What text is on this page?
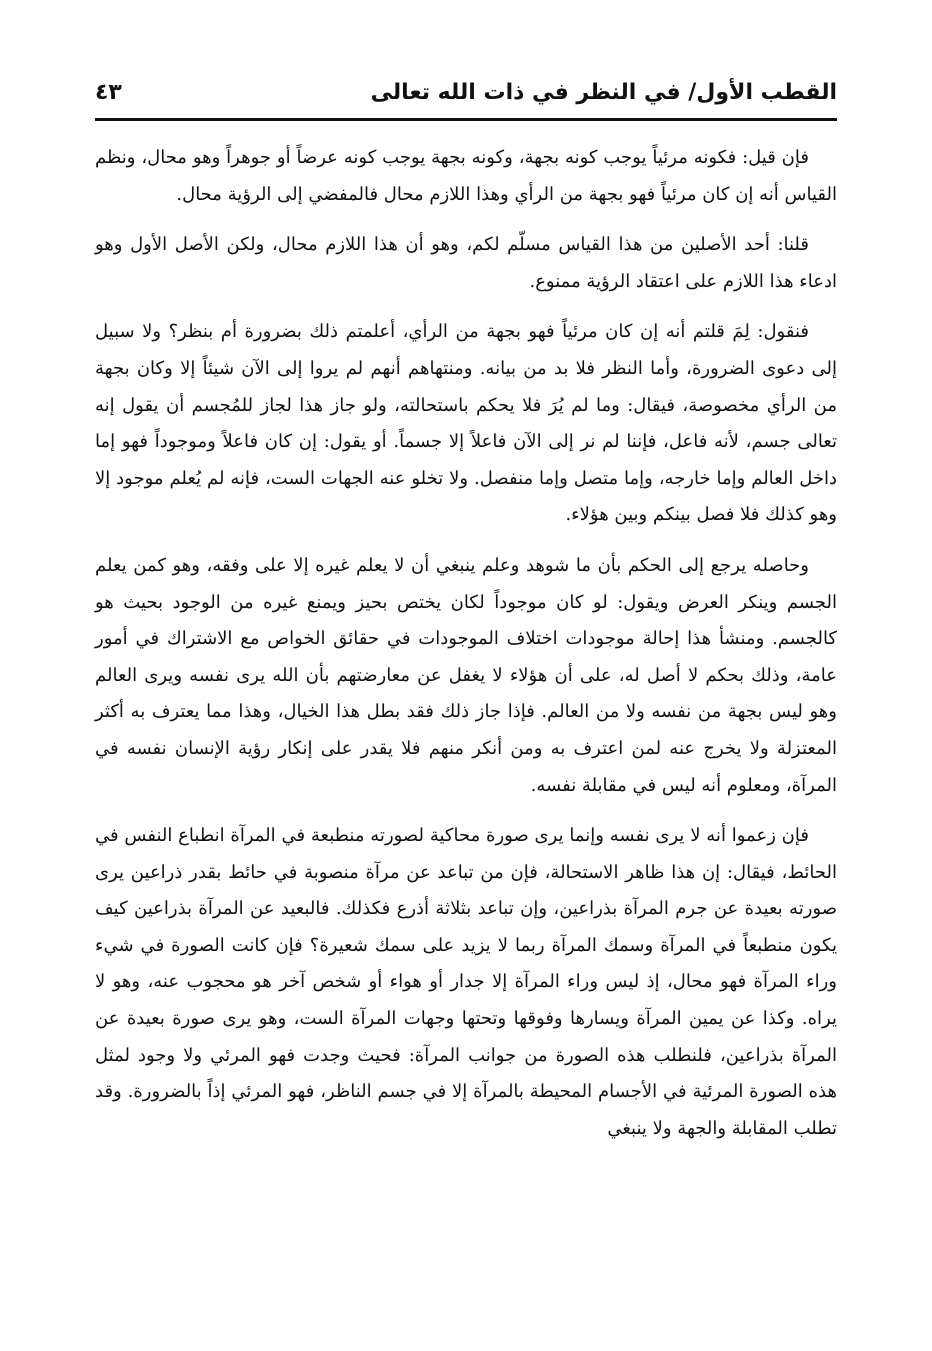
القطب الأول/ في النظر في ذات الله تعالى
٤٣

فإن قيل: فكونه مرئياً يوجب كونه بجهة، وكونه بجهة يوجب كونه عرضاً أو جوهراً وهو محال، ونظم القياس أنه إن كان مرئياً فهو بجهة من الرأي وهذا اللازم محال فالمفضي إلى الرؤية محال.

قلنا: أحد الأصلين من هذا القياس مسلّم لكم، وهو أن هذا اللازم محال، ولكن الأصل الأول وهو ادعاء هذا اللازم على اعتقاد الرؤية ممنوع.

فنقول: لِمَ قلتم أنه إن كان مرئياً فهو بجهة من الرأي، أعلمتم ذلك بضرورة أم بنظر؟ ولا سبيل إلى دعوى الضرورة، وأما النظر فلا بد من بيانه. ومنتهاهم أنهم لم يروا إلى الآن شيئاً إلا وكان بجهة من الرأي مخصوصة، فيقال: وما لم يُرَ فلا يحكم باستحالته، ولو جاز هذا لجاز للمُجسم أن يقول إنه تعالى جسم، لأنه فاعل، فإننا لم نر إلى الآن فاعلاً إلا جسماً. أو يقول: إن كان فاعلاً وموجوداً فهو إما داخل العالم وإما خارجه، وإما متصل وإما منفصل. ولا تخلو عنه الجهات الست، فإنه لم يُعلم موجود إلا وهو كذلك فلا فصل بينكم وبين هؤلاء.

وحاصله يرجع إلى الحكم بأن ما شوهد وعلم ينبغي أن لا يعلم غيره إلا على وفقه، وهو كمن يعلم الجسم وينكر العرض ويقول: لو كان موجوداً لكان يختص بحيز ويمنع غيره من الوجود بحيث هو كالجسم. ومنشأ هذا إحالة موجودات اختلاف الموجودات في حقائق الخواص مع الاشتراك في أمور عامة، وذلك بحكم لا أصل له، على أن هؤلاء لا يغفل عن معارضتهم بأن الله يرى نفسه ويرى العالم وهو ليس بجهة من نفسه ولا من العالم. فإذا جاز ذلك فقد بطل هذا الخيال، وهذا مما يعترف به أكثر المعتزلة ولا يخرج عنه لمن اعترف به ومن أنكر منهم فلا يقدر على إنكار رؤية الإنسان نفسه في المرآة، ومعلوم أنه ليس في مقابلة نفسه.

فإن زعموا أنه لا يرى نفسه وإنما يرى صورة محاكية لصورته منطبعة في المرآة انطباع النفس في الحائط، فيقال: إن هذا ظاهر الاستحالة، فإن من تباعد عن مرآة منصوبة في حائط بقدر ذراعين يرى صورته بعيدة عن جرم المرآة بذراعين، وإن تباعد بثلاثة أذرع فكذلك. فالبعيد عن المرآة بذراعين كيف يكون منطبعاً في المرآة وسمك المرآة ربما لا يزيد على سمك شعيرة؟ فإن كانت الصورة في شيء وراء المرآة فهو محال، إذ ليس وراء المرآة إلا جدار أو هواء أو شخص آخر هو محجوب عنه، وهو لا يراه. وكذا عن يمين المرآة ويسارها وفوقها وتحتها وجهات المرآة الست، وهو يرى صورة بعيدة عن المرآة بذراعين، فلنطلب هذه الصورة من جوانب المرآة: فحيث وجدت فهو المرئي ولا وجود لمثل هذه الصورة المرئية في الأجسام المحيطة بالمرآة إلا في جسم الناظر، فهو المرئي إذاً بالضرورة. وقد تطلب المقابلة والجهة ولا ينبغي
